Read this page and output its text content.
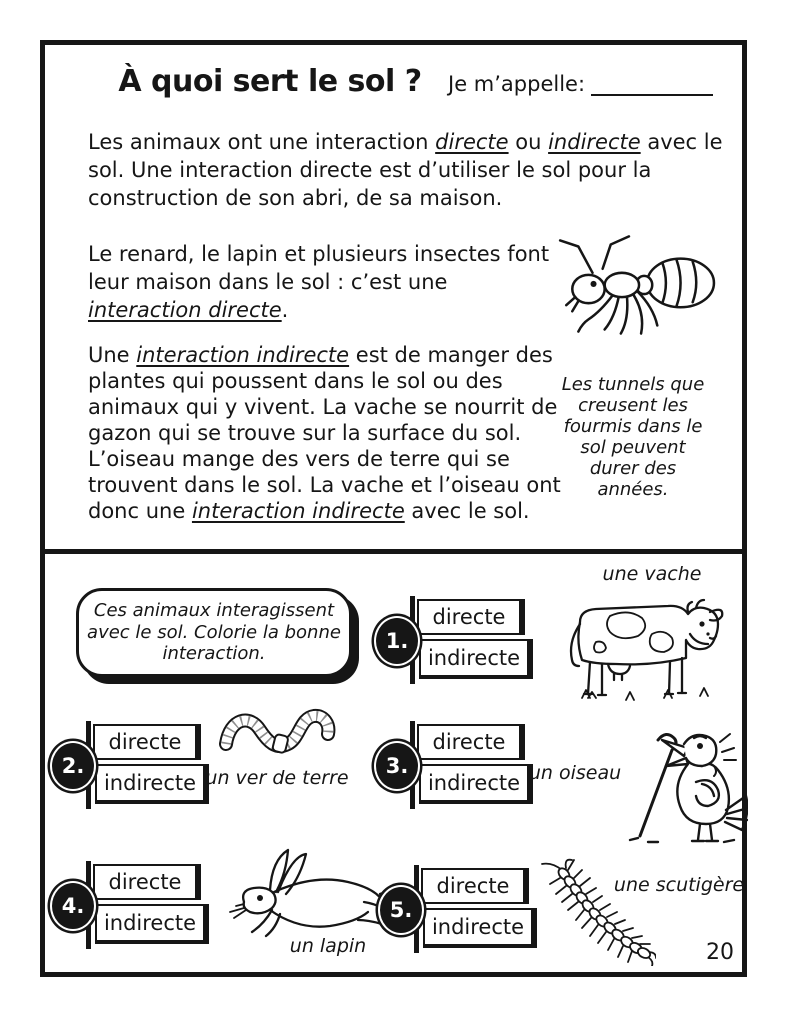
À quoi sert le sol ?	Je m’appelle:
Les animaux ont une interaction directe ou indirecte avec le sol. Une interaction directe est d’utiliser le sol pour la construction de son abri, de sa maison.
Le renard, le lapin et plusieurs insectes font leur maison dans le sol : c’est une interaction directe.
Une interaction indirecte est de manger des plantes qui poussent dans le sol ou des animaux qui y vivent. La vache se nourrit de gazon qui se trouve sur la surface du sol. L’oiseau mange des vers de terre qui se trouvent dans le sol. La vache et l’oiseau ont donc une interaction indirecte avec le sol.
Les tunnels que creusent les fourmis dans le sol peuvent durer des années.
Ces animaux interagissent avec le sol. Colorie la bonne interaction.
directe
indirecte
1.
une vache
directe
indirecte
2.	un ver de terre
directe
indirecte
3.	un oiseau
directe
indirecte
4.
un lapin
directe
indirecte
5.
une scutigère
20
